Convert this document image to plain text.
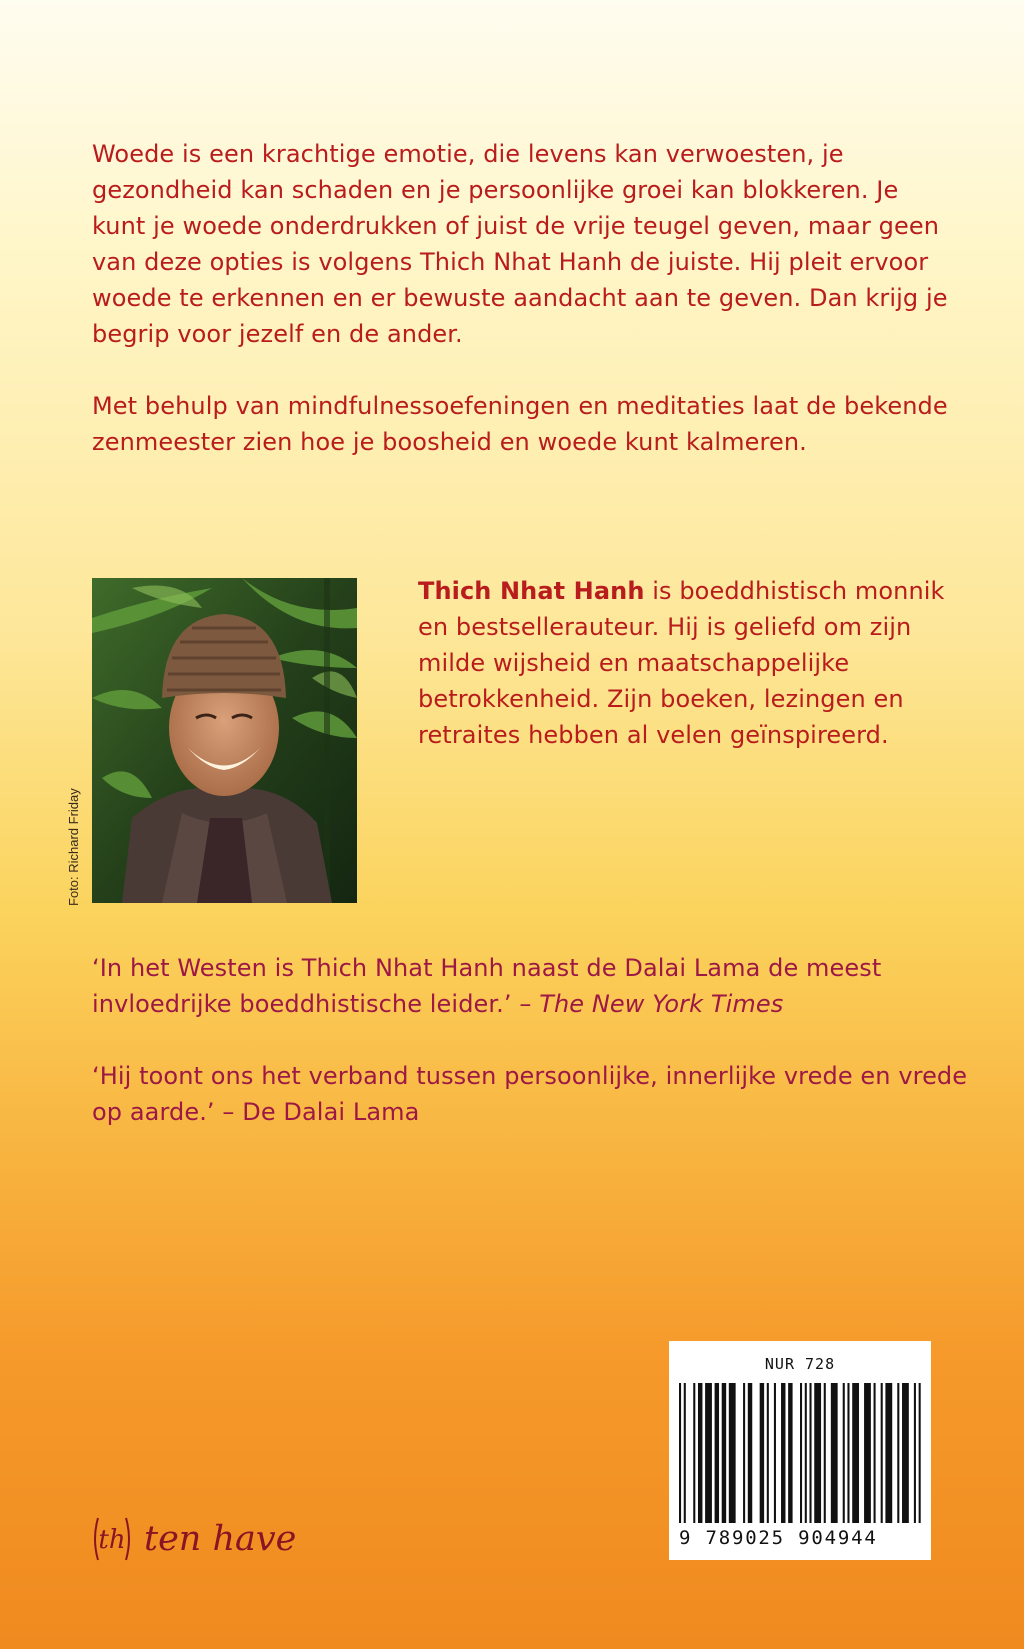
Woede is een krachtige emotie, die levens kan verwoesten, je gezondheid kan schaden en je persoonlijke groei kan blokkeren. Je kunt je woede onderdrukken of juist de vrije teugel geven, maar geen van deze opties is volgens Thich Nhat Hanh de juiste. Hij pleit ervoor woede te erkennen en er bewuste aandacht aan te geven. Dan krijg je begrip voor jezelf en de ander.

Met behulp van mindfulnessoefeningen en meditaties laat de bekende zenmeester zien hoe je boosheid en woede kunt kalmeren.

Foto: Richard Friday

Thich Nhat Hanh is boeddhistisch monnik en bestsellerauteur. Hij is geliefd om zijn milde wijsheid en maatschappelijke betrokkenheid. Zijn boeken, lezingen en retraites hebben al velen geïnspireerd.

‘In het Westen is Thich Nhat Hanh naast de Dalai Lama de meest invloedrijke boeddhistische leider.’ – The New York Times

‘Hij toont ons het verband tussen persoonlijke, innerlijke vrede en vrede op aarde.’ – De Dalai Lama

th ten have
NUR 728
9 789025 904944
